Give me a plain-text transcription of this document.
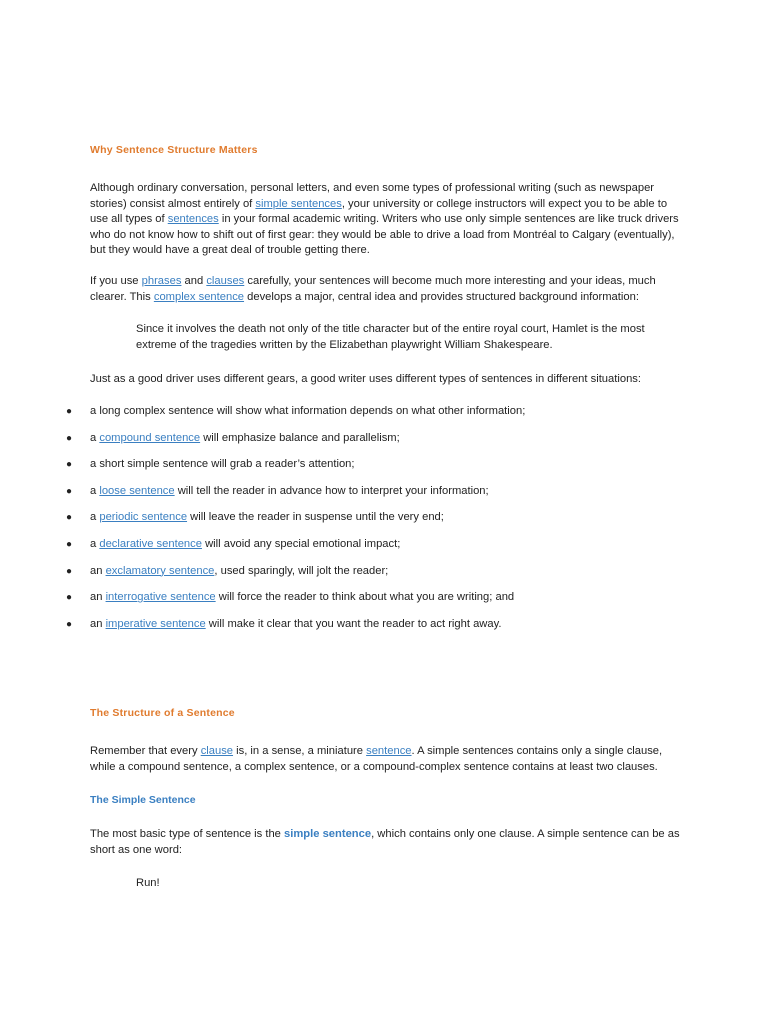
Why Sentence Structure Matters
Although ordinary conversation, personal letters, and even some types of professional writing (such as newspaper stories) consist almost entirely of simple sentences, your university or college instructors will expect you to be able to use all types of sentences in your formal academic writing. Writers who use only simple sentences are like truck drivers who do not know how to shift out of first gear: they would be able to drive a load from Montréal to Calgary (eventually), but they would have a great deal of trouble getting there.
If you use phrases and clauses carefully, your sentences will become much more interesting and your ideas, much clearer. This complex sentence develops a major, central idea and provides structured background information:
Since it involves the death not only of the title character but of the entire royal court, Hamlet is the most extreme of the tragedies written by the Elizabethan playwright William Shakespeare.
Just as a good driver uses different gears, a good writer uses different types of sentences in different situations:
● a long complex sentence will show what information depends on what other information;
● a compound sentence will emphasize balance and parallelism;
● a short simple sentence will grab a reader’s attention;
● a loose sentence will tell the reader in advance how to interpret your information;
● a periodic sentence will leave the reader in suspense until the very end;
● a declarative sentence will avoid any special emotional impact;
● an exclamatory sentence, used sparingly, will jolt the reader;
● an interrogative sentence will force the reader to think about what you are writing; and
● an imperative sentence will make it clear that you want the reader to act right away.
The Structure of a Sentence
Remember that every clause is, in a sense, a miniature sentence. A simple sentences contains only a single clause, while a compound sentence, a complex sentence, or a compound-complex sentence contains at least two clauses.
The Simple Sentence
The most basic type of sentence is the simple sentence, which contains only one clause. A simple sentence can be as short as one word:
Run!
